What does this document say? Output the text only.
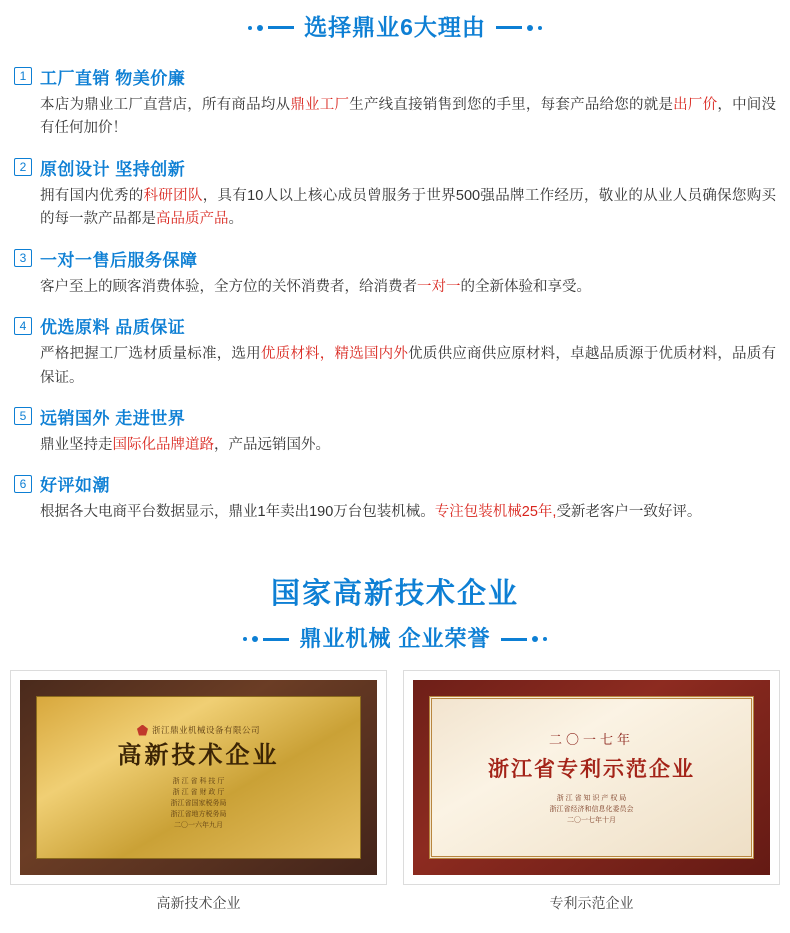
选择鼎业6大理由
1 工厂直销 物美价廉
本店为鼎业工厂直营店，所有商品均从鼎业工厂生产线直接销售到您的手里，每套产品给您的就是出厂价，中间没有任何加价！
2 原创设计 坚持创新
拥有国内优秀的科研团队，具有10人以上核心成员曾服务于世界500强品牌工作经历，敬业的从业人员确保您购买的每一款产品都是高品质产品。
3 一对一售后服务保障
客户至上的顾客消费体验，全方位的关怀消费者，给消费者一对一的全新体验和享受。
4 优选原料 品质保证
严格把握工厂选材质量标准，选用优质材料，精选国内外优质供应商供应原材料，卓越品质源于优质材料，品质有保证。
5 远销国外 走进世界
鼎业坚持走国际化品牌道路，产品远销国外。
6 好评如潮
根据各大电商平台数据显示，鼎业1年卖出190万台包装机械。专注包装机械25年,受新老客户一致好评。
国家高新技术企业
鼎业机械 企业荣誉
浙江鼎业机械设备有限公司
高新技术企业
浙 江 省 科 技 厅
浙 江 省 财 政 厅
浙江省国家税务局
浙江省地方税务局
二〇一六年九月
高新技术企业
二〇一七年
浙江省专利示范企业
浙 江 省 知 识 产 权 局
浙江省经济和信息化委员会
二〇一七年十月
专利示范企业
